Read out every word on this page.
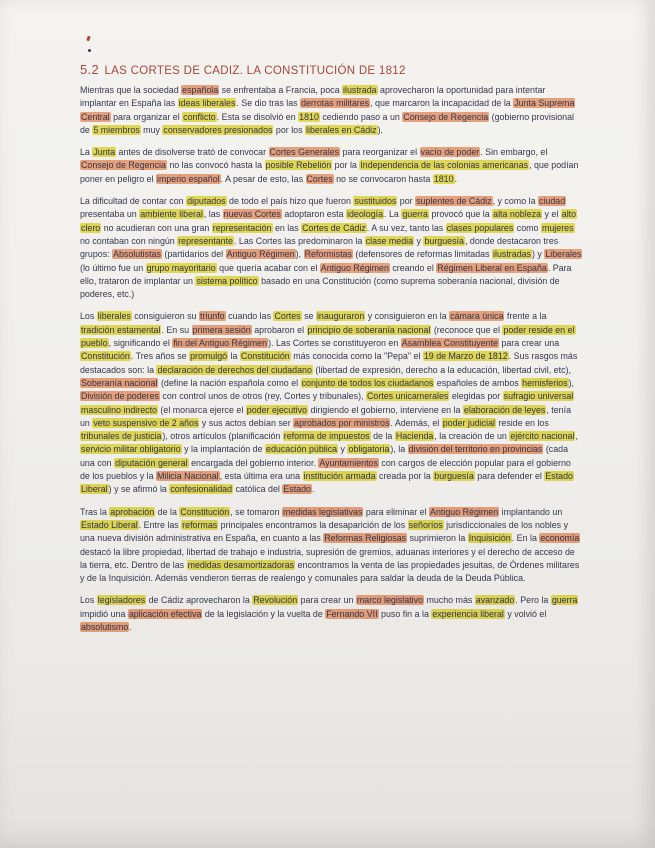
5.2 LAS CORTES DE CADIZ. LA CONSTITUCIÓN DE 1812

Mientras que la sociedad española se enfrentaba a Francia, poca ilustrada aprovecharon la oportunidad para intentar implantar en España las ideas liberales. Se dio tras las derrotas militares, que marcaron la incapacidad de la Junta Suprema Central para organizar el conflicto. Esta se disolvió en 1810 cediendo paso a un Consejo de Regencia (gobierno provisional de 5 miembros muy conservadores presionados por los liberales en Cádiz).

La Junta antes de disolverse trató de convocar Cortes Generales para reorganizar el vacío de poder. Sin embargo, el Consejo de Regencia no las convocó hasta la posible Rebelión por la Independencia de las colonias americanas, que podían poner en peligro el imperio español. A pesar de esto, las Cortes no se convocaron hasta 1810.

La dificultad de contar con diputados de todo el país hizo que fueron sustituidos por suplentes de Cádiz, y como la ciudad presentaba un ambiente liberal, las nuevas Cortes adoptaron esta ideología. La guerra provocó que la alta nobleza y el alto clero no acudieran con una gran representación en las Cortes de Cádiz. A su vez, tanto las clases populares como mujeres no contaban con ningún representante. Las Cortes las predominaron la clase media y burguesía, donde destacaron tres grupos: Absolutistas (partidarios del Antiguo Régimen), Reformistas (defensores de reformas limitadas ilustradas) y Liberales (lo último fue un grupo mayoritario que quería acabar con el Antiguo Régimen creando el Régimen Liberal en España. Para ello, trataron de implantar un sistema político basado en una Constitución (como suprema soberanía nacional, división de poderes, etc.)

Los liberales consiguieron su triunfo cuando las Cortes se inauguraron y consiguieron en la cámara única frente a la tradición estamental. En su primera sesión aprobaron el principio de soberanía nacional (reconoce que el poder reside en el pueblo, significando el fin del Antiguo Régimen). Las Cortes se constituyeron en Asamblea Constituyente para crear una Constitución. Tres años se promulgó la Constitución más conocida como la "Pepa" el 19 de Marzo de 1812. Sus rasgos más destacados son: la declaración de derechos del ciudadano (libertad de expresión, derecho a la educación, libertad civil, etc), Soberanía nacional (define la nación española como el conjunto de todos los ciudadanos españoles de ambos hemisferios), División de poderes con control unos de otros (rey, Cortes y tribunales), Cortes unicamerales elegidas por sufragio universal masculino indirecto (el monarca ejerce el poder ejecutivo dirigiendo el gobierno, interviene en la elaboración de leyes, tenía un veto suspensivo de 2 años y sus actos debían ser aprobados por ministros. Además, el poder judicial reside en los tribunales de justicia), otros artículos (planificación reforma de impuestos de la Hacienda, la creación de un ejército nacional, servicio militar obligatorio y la implantación de educación pública y obligatoria), la división del territorio en provincias (cada una con diputación general encargada del gobierno interior. Ayuntamientos con cargos de elección popular para el gobierno de los pueblos y la Milicia Nacional, esta última era una institución armada creada por la burguesía para defender el Estado Liberal) y se afirmó la confesionalidad católica del Estado.

Tras la aprobación de la Constitución, se tomaron medidas legislativas para eliminar el Antiguo Régimen implantando un Estado Liberal. Entre las reformas principales encontramos la desaparición de los señoríos jurisdiccionales de los nobles y una nueva división administrativa en España, en cuanto a las Reformas Religiosas suprimieron la Inquisición. En la economía destacó la libre propiedad, libertad de trabajo e industria, supresión de gremios, aduanas interiores y el derecho de acceso de la tierra, etc. Dentro de las medidas desamortizadoras encontramos la venta de las propiedades jesuitas, de Órdenes militares y de la Inquisición. Además vendieron tierras de realengo y comunales para saldar la deuda de la Deuda Pública.

Los legisladores de Cádiz aprovecharon la Revolución para crear un marco legislativo mucho más avanzado. Pero la guerra impidió una aplicación efectiva de la legislación y la vuelta de Fernando VII puso fin a la experiencia liberal y volvió el absolutismo.
